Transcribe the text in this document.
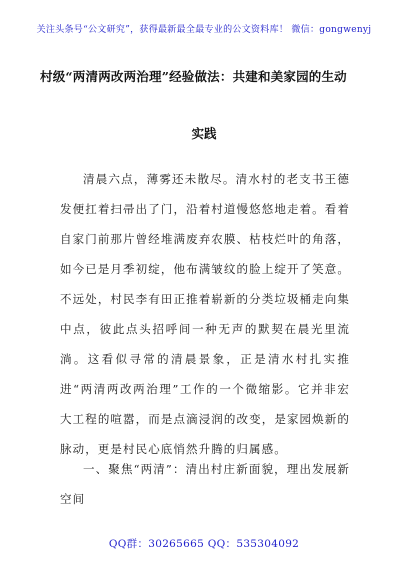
关注头条号“公文研究”，获得最新最全最专业的公文资料库！ 微信：gongwenyj
村级“两清两改两治理”经验做法：共建和美家园的生动
实践
清晨六点，薄雾还未散尽。清水村的老支书王德发便扛着扫帚出了门，沿着村道慢悠悠地走着。看着自家门前那片曾经堆满废弃农膜、枯枝烂叶的角落，如今已是月季初绽，他布满皱纹的脸上绽开了笑意。不远处，村民李有田正推着崭新的分类垃圾桶走向集中点，彼此点头招呼间一种无声的默契在晨光里流淌。这看似寻常的清晨景象，正是清水村扎实推进“两清两改两治理”工作的一个微缩影。它并非宏大工程的喧嚣，而是点滴浸润的改变，是家园焕新的脉动，更是村民心底悄然升腾的归属感。
一、聚焦“两清”：清出村庄新面貌，理出发展新空间
QQ群：30265665 QQ：535304092
